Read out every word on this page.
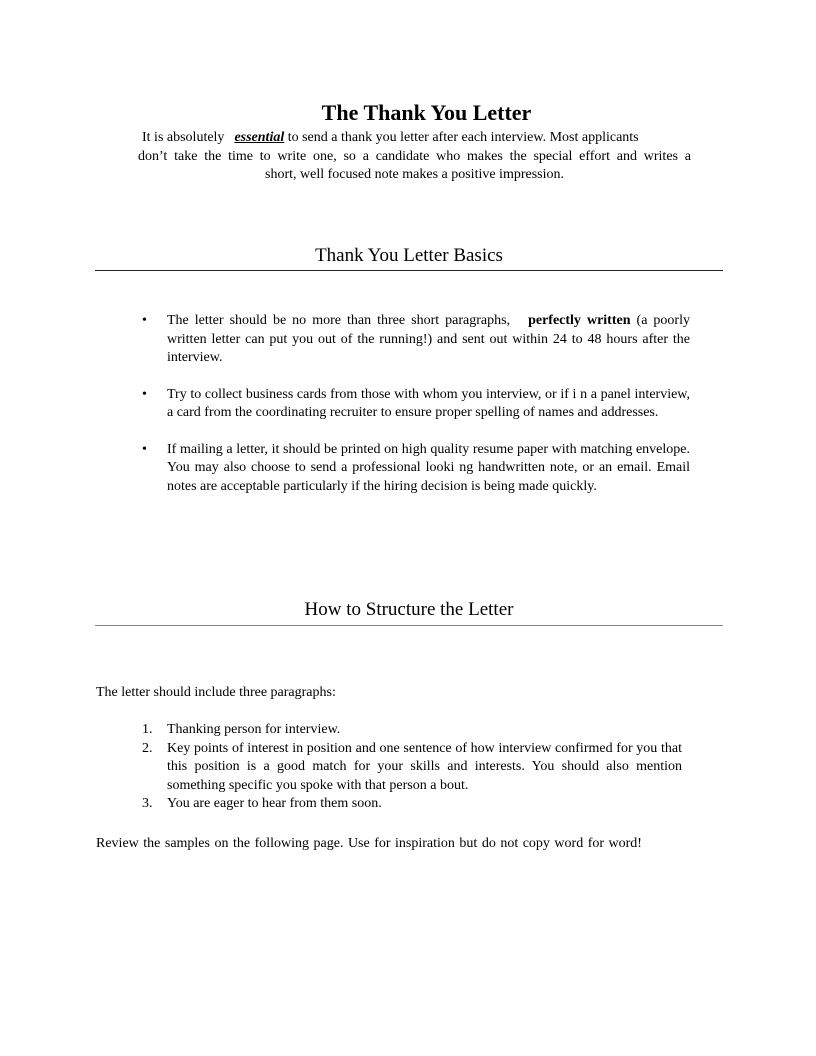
The Thank You Letter
It is absolutely essential to send a thank you letter after each interview. Most applicants
don’t take the time to write one, so a candidate who makes the special effort and writes a
short, well focused note makes a positive impression.
Thank You Letter Basics
• The letter should be no more than three short paragraphs, perfectly written (a poorly written letter can put you out of the running!) and sent out within 24 to 48 hours after the interview.
• Try to collect business cards from those with whom you interview, or if i n a panel interview, a card from the coordinating recruiter to ensure proper spelling of names and addresses.
• If mailing a letter, it should be printed on high quality resume paper with matching envelope. You may also choose to send a professional looki ng handwritten note, or an email. Email notes are acceptable particularly if the hiring decision is being made quickly.
How to Structure the Letter
The letter should include three paragraphs:
1. Thanking person for interview.
2. Key points of interest in position and one sentence of how interview confirmed for you that this position is a good match for your skills and interests. You should also mention something specific you spoke with that person a bout.
3. You are eager to hear from them soon.
Review the samples on the following page. Use for inspiration but do not copy word for word!
